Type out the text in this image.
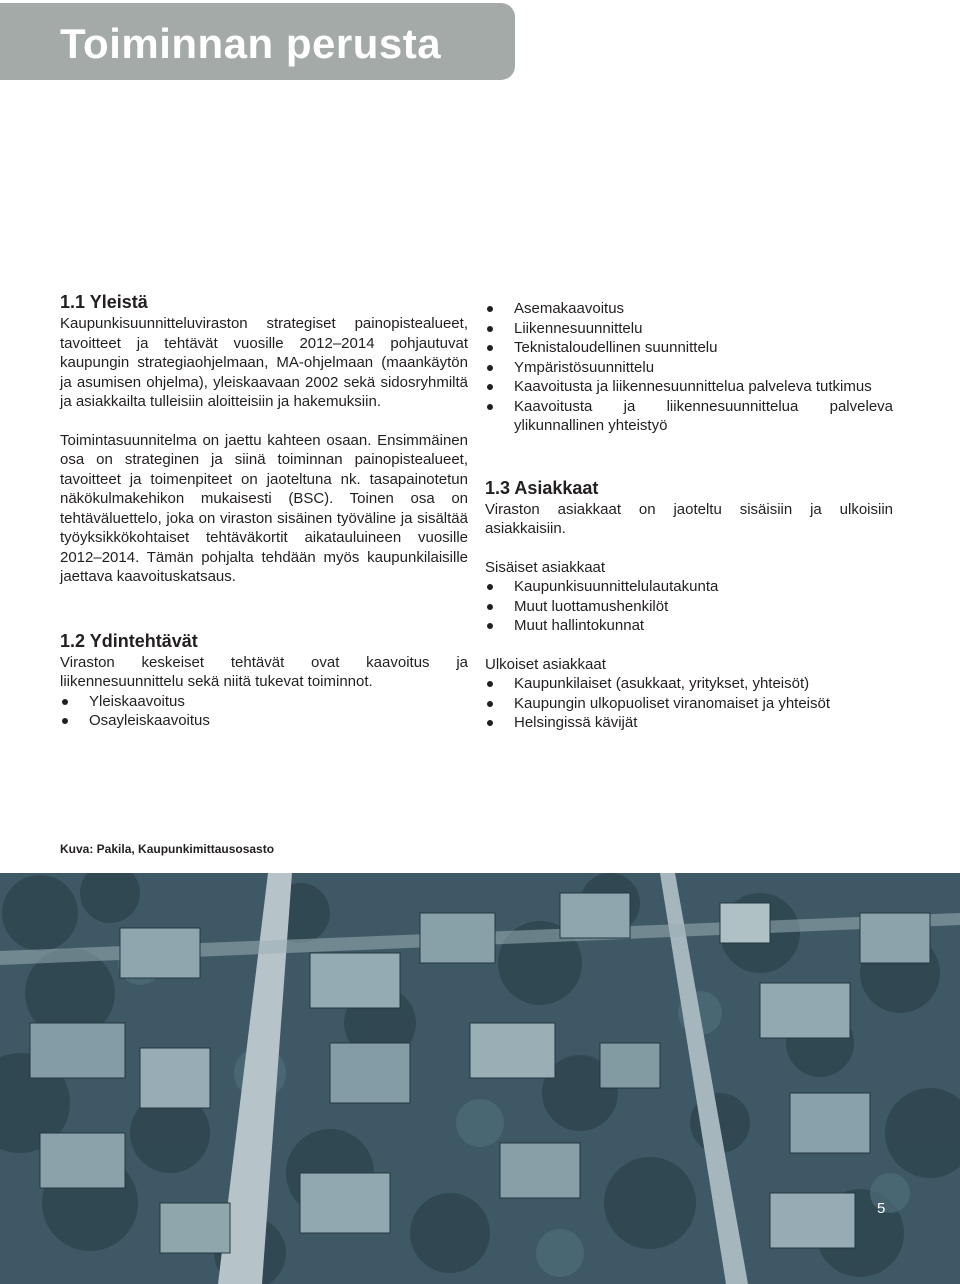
Toiminnan perusta
1.1 Yleistä

Kaupunkisuunnitteluviraston strategiset painopistealueet, tavoitteet ja tehtävät vuosille 2012–2014 pohjautuvat kaupungin strategiaohjelmaan, MA-ohjelmaan (maankäytön ja asumisen ohjelma), yleiskaavaan 2002 sekä sidosryhmiltä ja asiakkailta tulleisiin aloitteisiin ja hakemuksiin.

Toimintasuunnitelma on jaettu kahteen osaan. Ensimmäinen osa on strateginen ja siinä toiminnan painopistealueet, tavoitteet ja toimenpiteet on jaoteltuna nk. tasapainotetun näkökulmakehikon mukaisesti (BSC). Toinen osa on tehtäväluettelo, joka on viraston sisäinen työväline ja sisältää työyksikkökohtaiset tehtäväkortit aikatauluineen vuosille 2012–2014. Tämän pohjalta tehdään myös kaupunkilaisille jaettava kaavoituskatsaus.

1.2 Ydintehtävät

Viraston keskeiset tehtävät ovat kaavoitus ja liikennesuunnittelu sekä niitä tukevat toiminnot.

Yleiskaavoitus
Osayleiskaavoitus
Asemakaavoitus
Liikennesuunnittelu
Teknistaloudellinen suunnittelu
Ympäristösuunnittelu
Kaavoitusta ja liikennesuunnittelua palveleva tutkimus
Kaavoitusta ja liikennesuunnittelua palveleva ylikunnallinen yhteistyö
1.3 Asiakkaat

Viraston asiakkaat on jaoteltu sisäisiin ja ulkoisiin asiakkaisiin.

Sisäiset asiakkaat

Kaupunkisuunnittelulautakunta
Muut luottamushenkilöt
Muut hallintokunnat

Ulkoiset asiakkaat

Kaupunkilaiset (asukkaat, yritykset, yhteisöt)
Kaupungin ulkopuoliset viranomaiset ja yhteisöt
Helsingissä kävijät
Kuva: Pakila, Kaupunkimittausosasto
5
